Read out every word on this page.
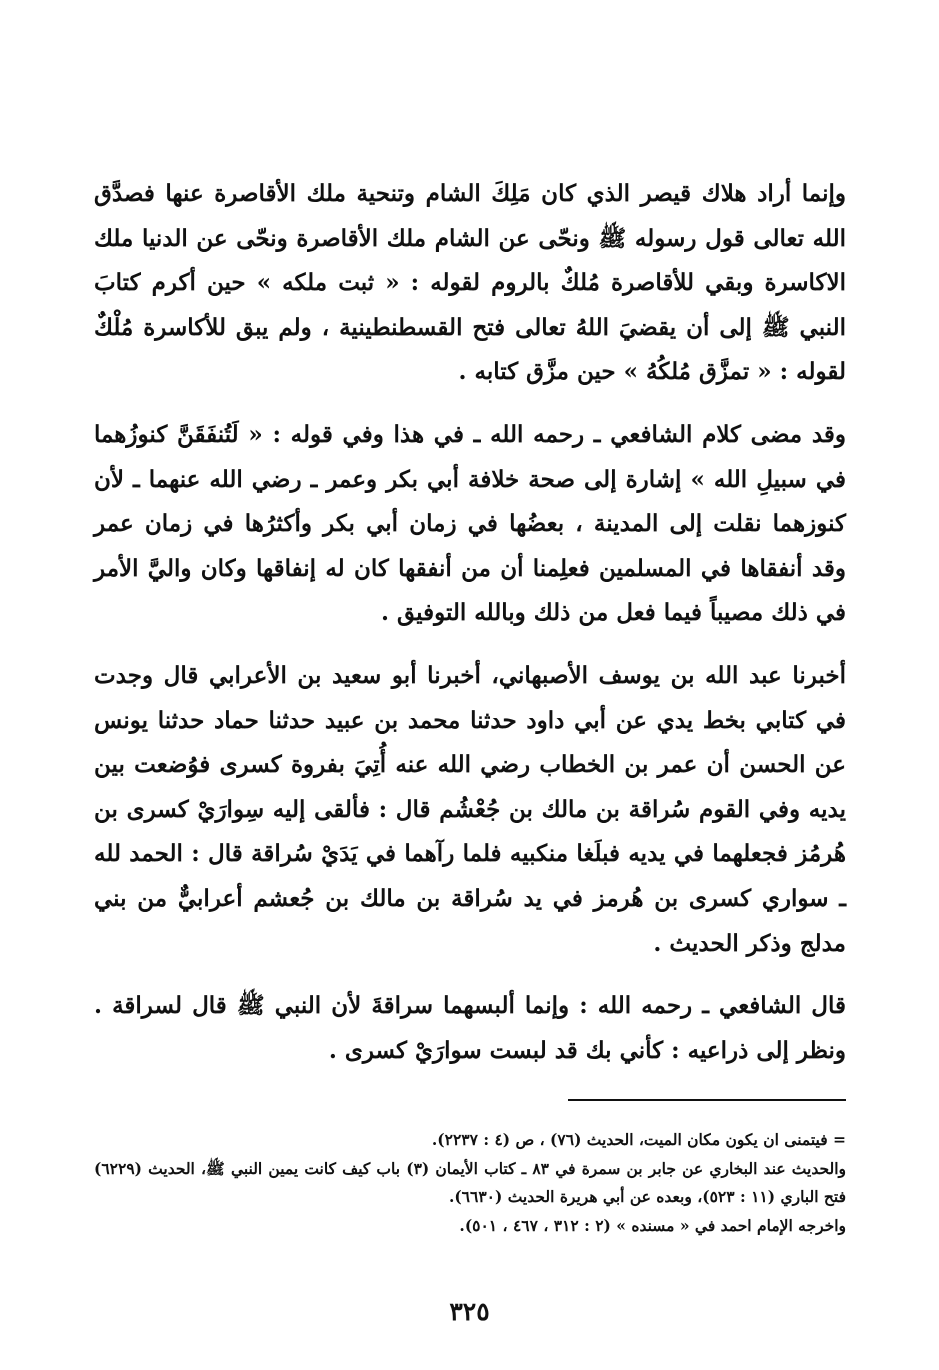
وإنما أراد هلاك قيصر الذي كان مَلِكَ الشام وتنحية ملك الأقاصرة عنها فصدَّق الله تعالى قول رسوله ﷺ ونحّى عن الشام ملك الأقاصرة ونحّى عن الدنيا ملك الاكاسرة وبقي للأقاصرة مُلكٌ بالروم لقوله : « ثبت ملكه » حين أكرم كتابَ النبي ﷺ إلى أن يقضيَ اللهُ تعالى فتح القسطنطينية ، ولم يبق للأكاسرة مُلْكٌ لقوله : « تمزَّق مُلكُهُ » حين مزَّق كتابه .

وقد مضى كلام الشافعي ـ رحمه الله ـ في هذا وفي قوله : « لَتُنفَقَنَّ كنوزُهما في سبيلِ الله » إشارة إلى صحة خلافة أبي بكر وعمر ـ رضي الله عنهما ـ لأن كنوزهما نقلت إلى المدينة ، بعضُها في زمان أبي بكر وأكثرُها في زمان عمر وقد أنفقاها في المسلمين فعلِمنا أن من أنفقها كان له إنفاقها وكان واليَّ الأمر في ذلك مصيباً فيما فعل من ذلك وبالله التوفيق .

أخبرنا عبد الله بن يوسف الأصبهاني، أخبرنا أبو سعيد بن الأعرابي قال وجدت في كتابي بخط يدي عن أبي داود حدثنا محمد بن عبيد حدثنا حماد حدثنا يونس عن الحسن أن عمر بن الخطاب رضي الله عنه أُتِيَ بفروة كسرى فوُضعت بين يديه وفي القوم سُراقة بن مالك بن جُعْشُم قال : فألقى إليه سِوارَيْ كسرى بن هُرمُز فجعلهما في يديه فبلَغا منكبيه فلما رآهما في يَدَيْ سُراقة قال : الحمد لله ـ سواري كسرى بن هُرمز في يد سُراقة بن مالك بن جُعشم أعرابيٌّ من بني مدلج وذكر الحديث .

قال الشافعي ـ رحمه الله : وإنما ألبسهما سراقةَ لأن النبي ﷺ قال لسراقة . ونظر إلى ذراعيه : كأني بك قد لبست سوارَيْ كسرى .

= فيتمنى ان يكون مكان الميت، الحديث (٧٦) ، ص (٤ : ٢٢٣٧).

والحديث عند البخاري عن جابر بن سمرة في ٨٣ ـ كتاب الأيمان (٣) باب كيف كانت يمين النبي ﷺ، الحديث (٦٢٢٩) فتح الباري (١١ : ٥٢٣)، وبعده عن أبي هريرة الحديث (٦٦٣٠).

واخرجه الإمام احمد في « مسنده » (٢ : ٣١٢ ، ٤٦٧ ، ٥٠١).

٣٢٥
